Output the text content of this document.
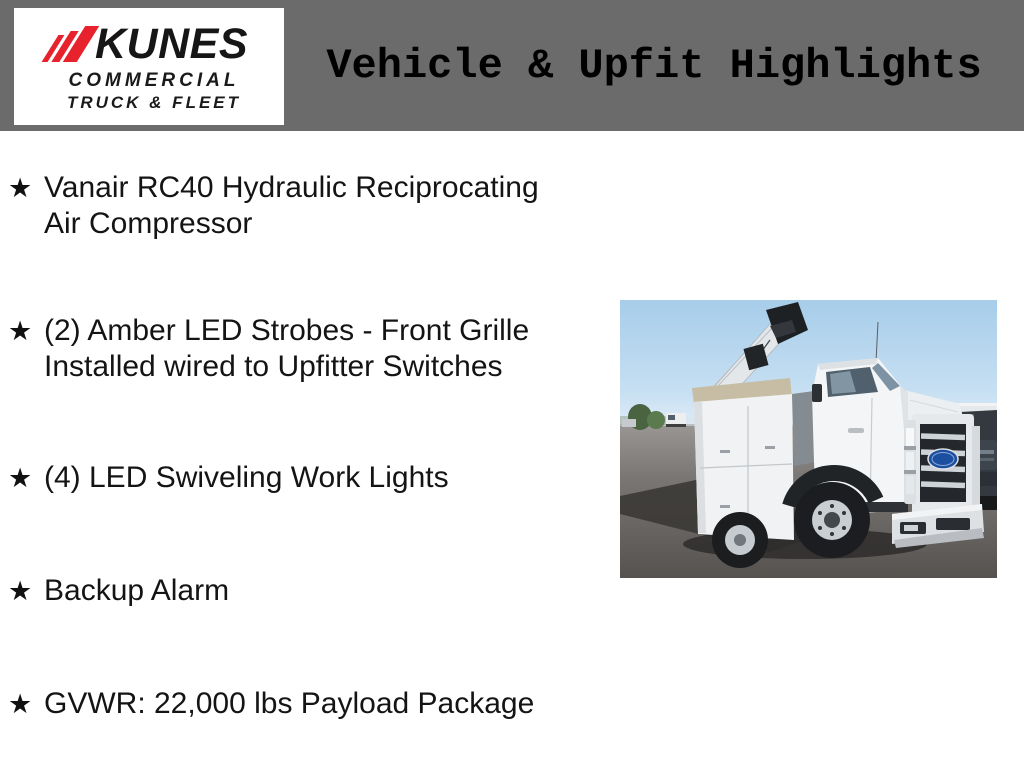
KUNES
COMMERCIAL
TRUCK & FLEET
Vehicle & Upfit Highlights
★ Vanair RC40 Hydraulic Reciprocating
Air Compressor
★ (2) Amber LED Strobes - Front Grille
Installed wired to Upfitter Switches
★ (4) LED Swiveling Work Lights
★ Backup Alarm
★ GVWR: 22,000 lbs Payload Package
